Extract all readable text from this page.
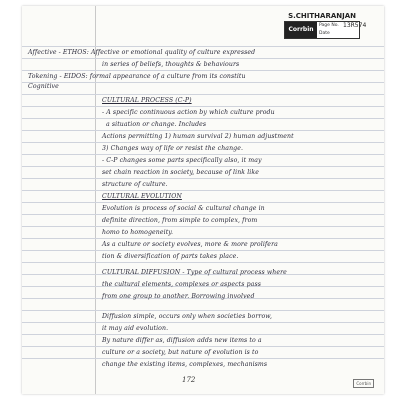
S.CHITHARANJAN
Corrbin
Page No. 13R574
Date
Affective - ETHOS: Affective or emotional quality of culture expressed
in series of beliefs, thoughts & behaviours
Tokening - EIDOS: formal appearance of a culture from its constitu
Cognitive
CULTURAL PROCESS (C-P)
- A specific continuous action by which culture produ
a situation or change. Includes
Actions permitting 1) human survival 2) human adjustment
3) Changes way of life or resist the change.
- C-P changes some parts specifically also, it may
set chain reaction in society, because of link like
structure of culture.
CULTURAL EVOLUTION
Evolution is process of social & cultural change in
definite direction, from simple to complex, from
homo to homogeneity.
As a culture or society evolves, more & more prolifera
tion & diversification of parts takes place.
CULTURAL DIFFUSION - Type of cultural process where
the cultural elements, complexes or aspects pass
from one group to another. Borrowing involved
Diffusion simple, occurs only when societies borrow,
it may aid evolution.
By nature differ as, diffusion adds new items to a
culture or a society, but nature of evolution is to
change the existing items, complexes, mechanisms
172	Corrbin
